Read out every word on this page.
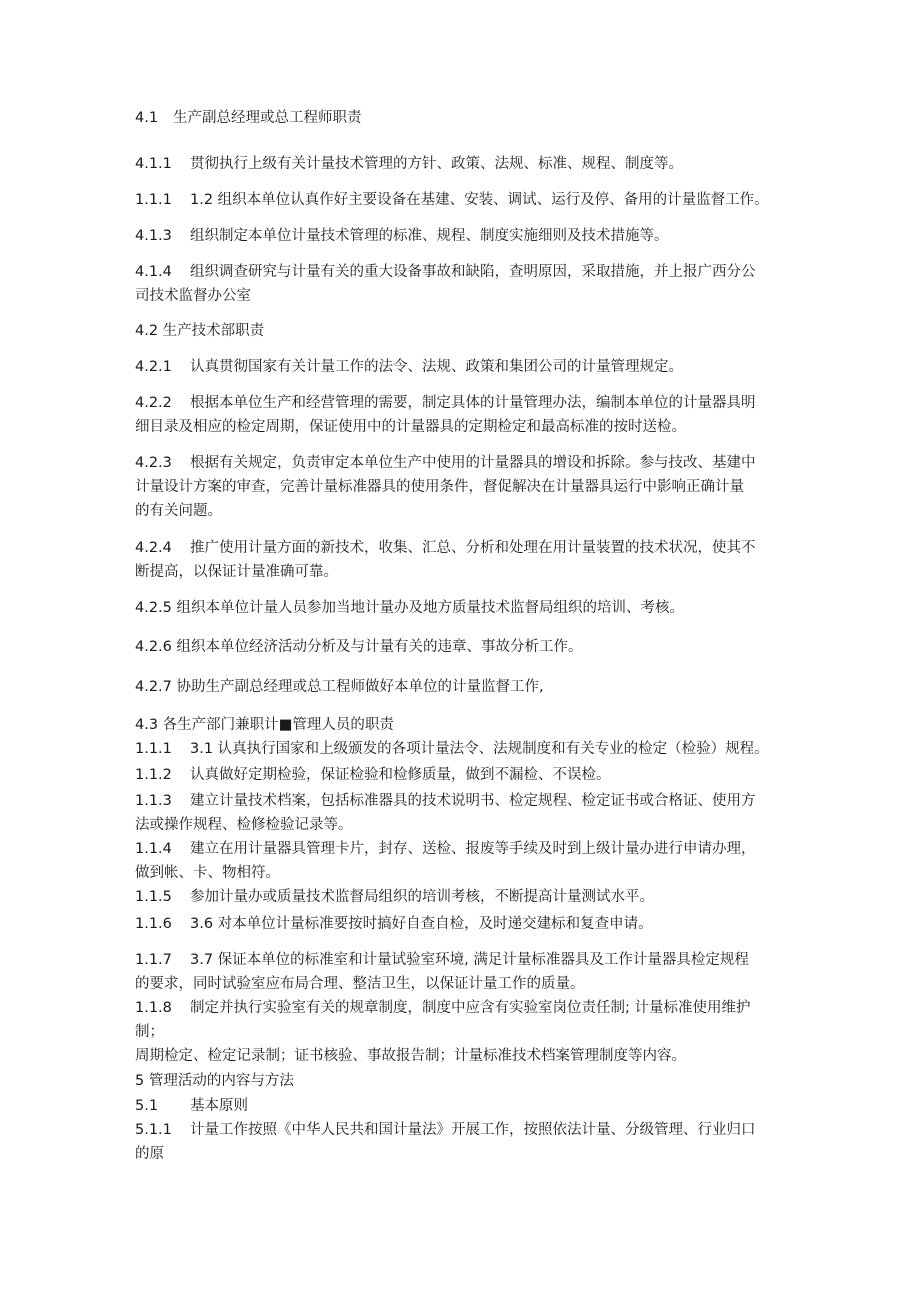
4.1 生产副总经理或总工程师职责
4.1.1 贯彻执行上级有关计量技术管理的方针、政策、法规、标准、规程、制度等。
1.1.1 1.2 组织本单位认真作好主要设备在基建、安装、调试、运行及停、备用的计量监督工作。
4.1.3 组织制定本单位计量技术管理的标准、规程、制度实施细则及技术措施等。
4.1.4 组织调查研究与计量有关的重大设备事故和缺陷，查明原因，采取措施，并上报广西分公
司技术监督办公室
4.2 生产技术部职责
4.2.1 认真贯彻国家有关计量工作的法令、法规、政策和集团公司的计量管理规定。
4.2.2 根据本单位生产和经营管理的需要，制定具体的计量管理办法，编制本单位的计量器具明
细目录及相应的检定周期，保证使用中的计量器具的定期检定和最高标准的按时送检。
4.2.3 根据有关规定，负责审定本单位生产中使用的计量器具的增设和拆除。参与技改、基建中
计量设计方案的审查，完善计量标准器具的使用条件，督促解决在计量器具运行中影响正确计量
的有关问题。
4.2.4 推广使用计量方面的新技术，收集、汇总、分析和处理在用计量装置的技术状况，使其不
断提高，以保证计量准确可靠。
4.2.5 组织本单位计量人员参加当地计量办及地方质量技术监督局组织的培训、考核。
4.2.6 组织本单位经济活动分析及与计量有关的违章、事故分析工作。
4.2.7 协助生产副总经理或总工程师做好本单位的计量监督工作,
4.3 各生产部门兼职计■管理人员的职责
1.1.1 3.1 认真执行国家和上级颁发的各项计量法令、法规制度和有关专业的检定（检验）规程。
1.1.2 认真做好定期检验，保证检验和检修质量，做到不漏检、不误检。
1.1.3 建立计量技术档案，包括标准器具的技术说明书、检定规程、检定证书或合格证、使用方
法或操作规程、检修检验记录等。
1.1.4 建立在用计量器具管理卡片，封存、送检、报废等手续及时到上级计量办进行申请办理，
做到帐、卡、物相符。
1.1.5 参加计量办或质量技术监督局组织的培训考核，不断提高计量测试水平。
1.1.6 3.6 对本单位计量标准要按时搞好自查自检，及时递交建标和复查申请。
1.1.7 3.7 保证本单位的标准室和计量试验室环境, 满足计量标准器具及工作计量器具检定规程
的要求，同时试验室应布局合理、整洁卫生，以保证计量工作的质量。
1.1.8 制定并执行实验室有关的规章制度，制度中应含有实验室岗位责任制; 计量标准使用维护
制；
周期检定、检定记录制；证书核验、事故报告制；计量标准技术档案管理制度等内容。
5 管理活动的内容与方法
5.1 基本原则
5.1.1 计量工作按照《中华人民共和国计量法》开展工作，按照依法计量、分级管理、行业归口
的原
